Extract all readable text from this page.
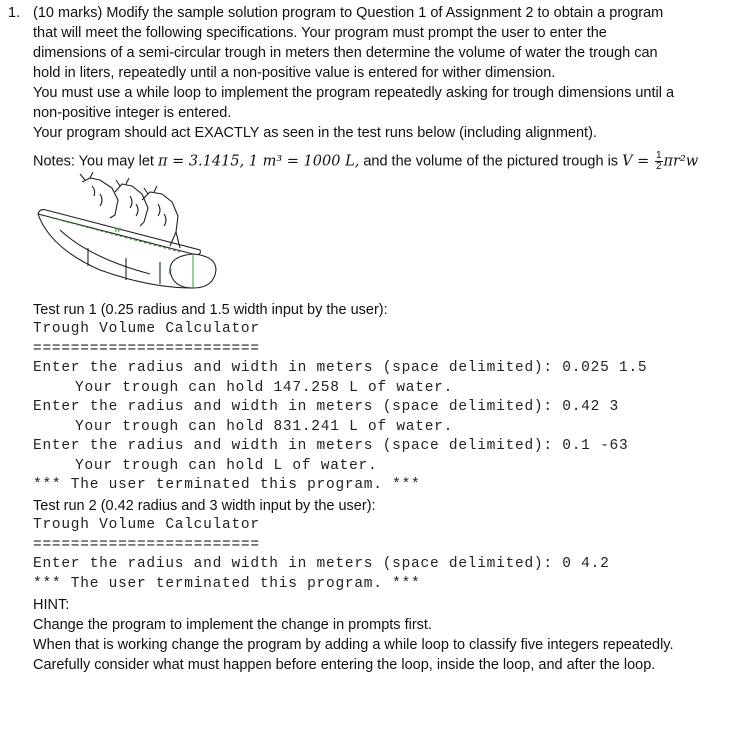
1. (10 marks) Modify the sample solution program to Question 1 of Assignment 2 to obtain a program
that will meet the following specifications. Your program must prompt the user to enter the
dimensions of a semi-circular trough in meters then determine the volume of water the trough can
hold in liters, repeatedly until a non-positive value is entered for wither dimension.
You must use a while loop to implement the program repeatedly asking for trough dimensions until a
non-positive integer is entered.
Your program should act EXACTLY as seen in the test runs below (including alignment).
Notes: You may let π = 3.1415, 1 m³ = 1000 L, and the volume of the pictured trough is $V = \frac{1}{2} \pi r^2w$
w
r
Test run 1 (0.25 radius and 1.5 width input by the user):
Trough Volume Calculator
========================
Enter the radius and width in meters (space delimited): 0.025 1.5
Your trough can hold 147.258 L of water.
Enter the radius and width in meters (space delimited): 0.42 3
Your trough can hold 831.241 L of water.
Enter the radius and width in meters (space delimited): 0.1 -63
Your trough can hold L of water.
*** The user terminated this program. ***
Test run 2 (0.42 radius and 3 width input by the user):
Trough Volume Calculator
========================
Enter the radius and width in meters (space delimited): 0 4.2
*** The user terminated this program. ***
HINT:
Change the program to implement the change in prompts first.
When that is working change the program by adding a while loop to classify five integers repeatedly.
Carefully consider what must happen before entering the loop, inside the loop, and after the loop.
